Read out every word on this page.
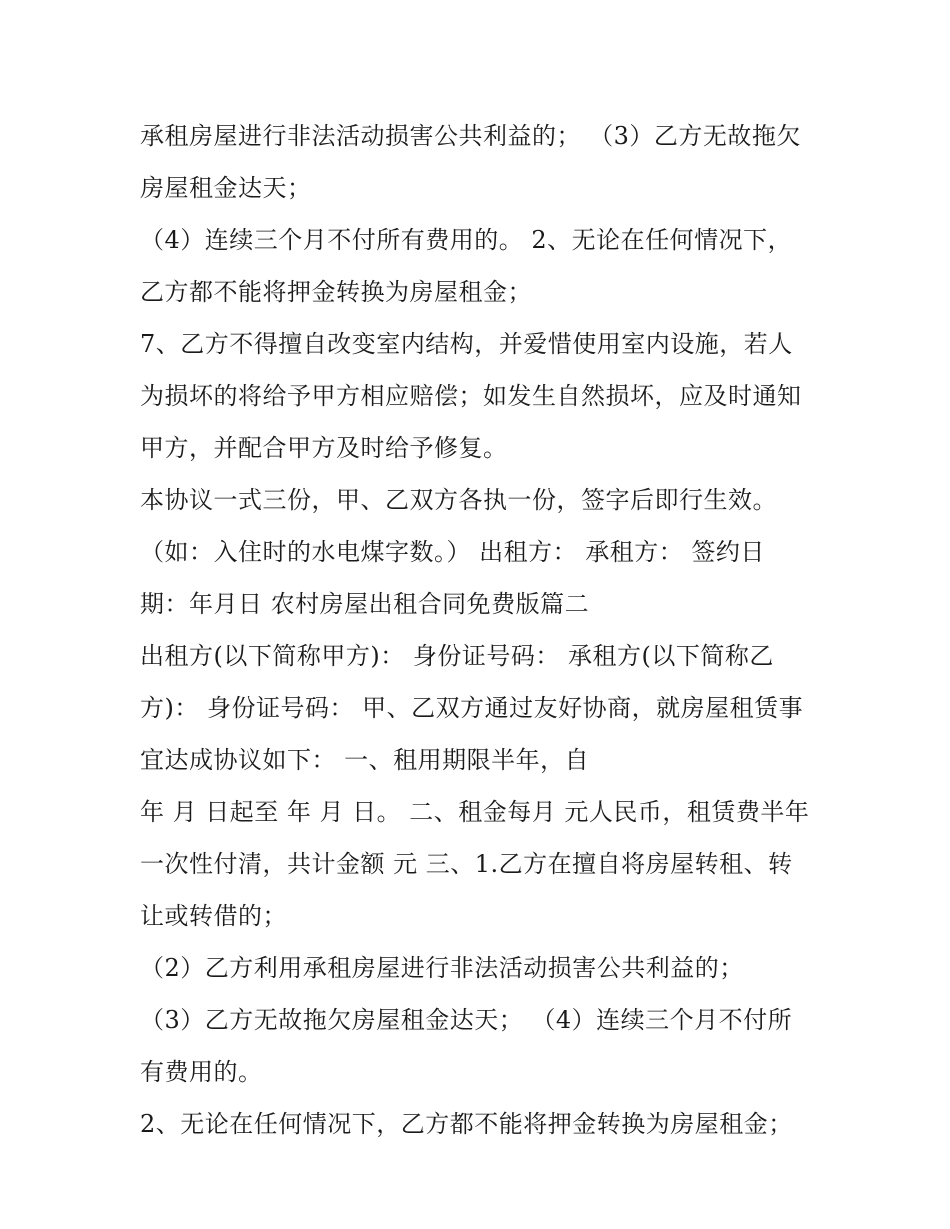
承租房屋进行非法活动损害公共利益的； （3）乙方无故拖欠
房屋租金达天；
（4）连续三个月不付所有费用的。 2、无论在任何情况下，
乙方都不能将押金转换为房屋租金；
7、乙方不得擅自改变室内结构，并爱惜使用室内设施，若人
为损坏的将给予甲方相应赔偿；如发生自然损坏，应及时通知
甲方，并配合甲方及时给予修复。
本协议一式三份，甲、乙双方各执一份，签字后即行生效。
（如：入住时的水电煤字数。） 出租方： 承租方： 签约日
期：年月日 农村房屋出租合同免费版篇二
出租方(以下简称甲方)： 身份证号码： 承租方(以下简称乙
方)： 身份证号码： 甲、乙双方通过友好协商，就房屋租赁事
宜达成协议如下： 一、租用期限半年，自
年 月 日起至 年 月 日。 二、租金每月 元人民币，租赁费半年
一次性付清，共计金额 元 三、1.乙方在擅自将房屋转租、转
让或转借的；
（2）乙方利用承租房屋进行非法活动损害公共利益的；
（3）乙方无故拖欠房屋租金达天； （4）连续三个月不付所
有费用的。
2、无论在任何情况下，乙方都不能将押金转换为房屋租金；
